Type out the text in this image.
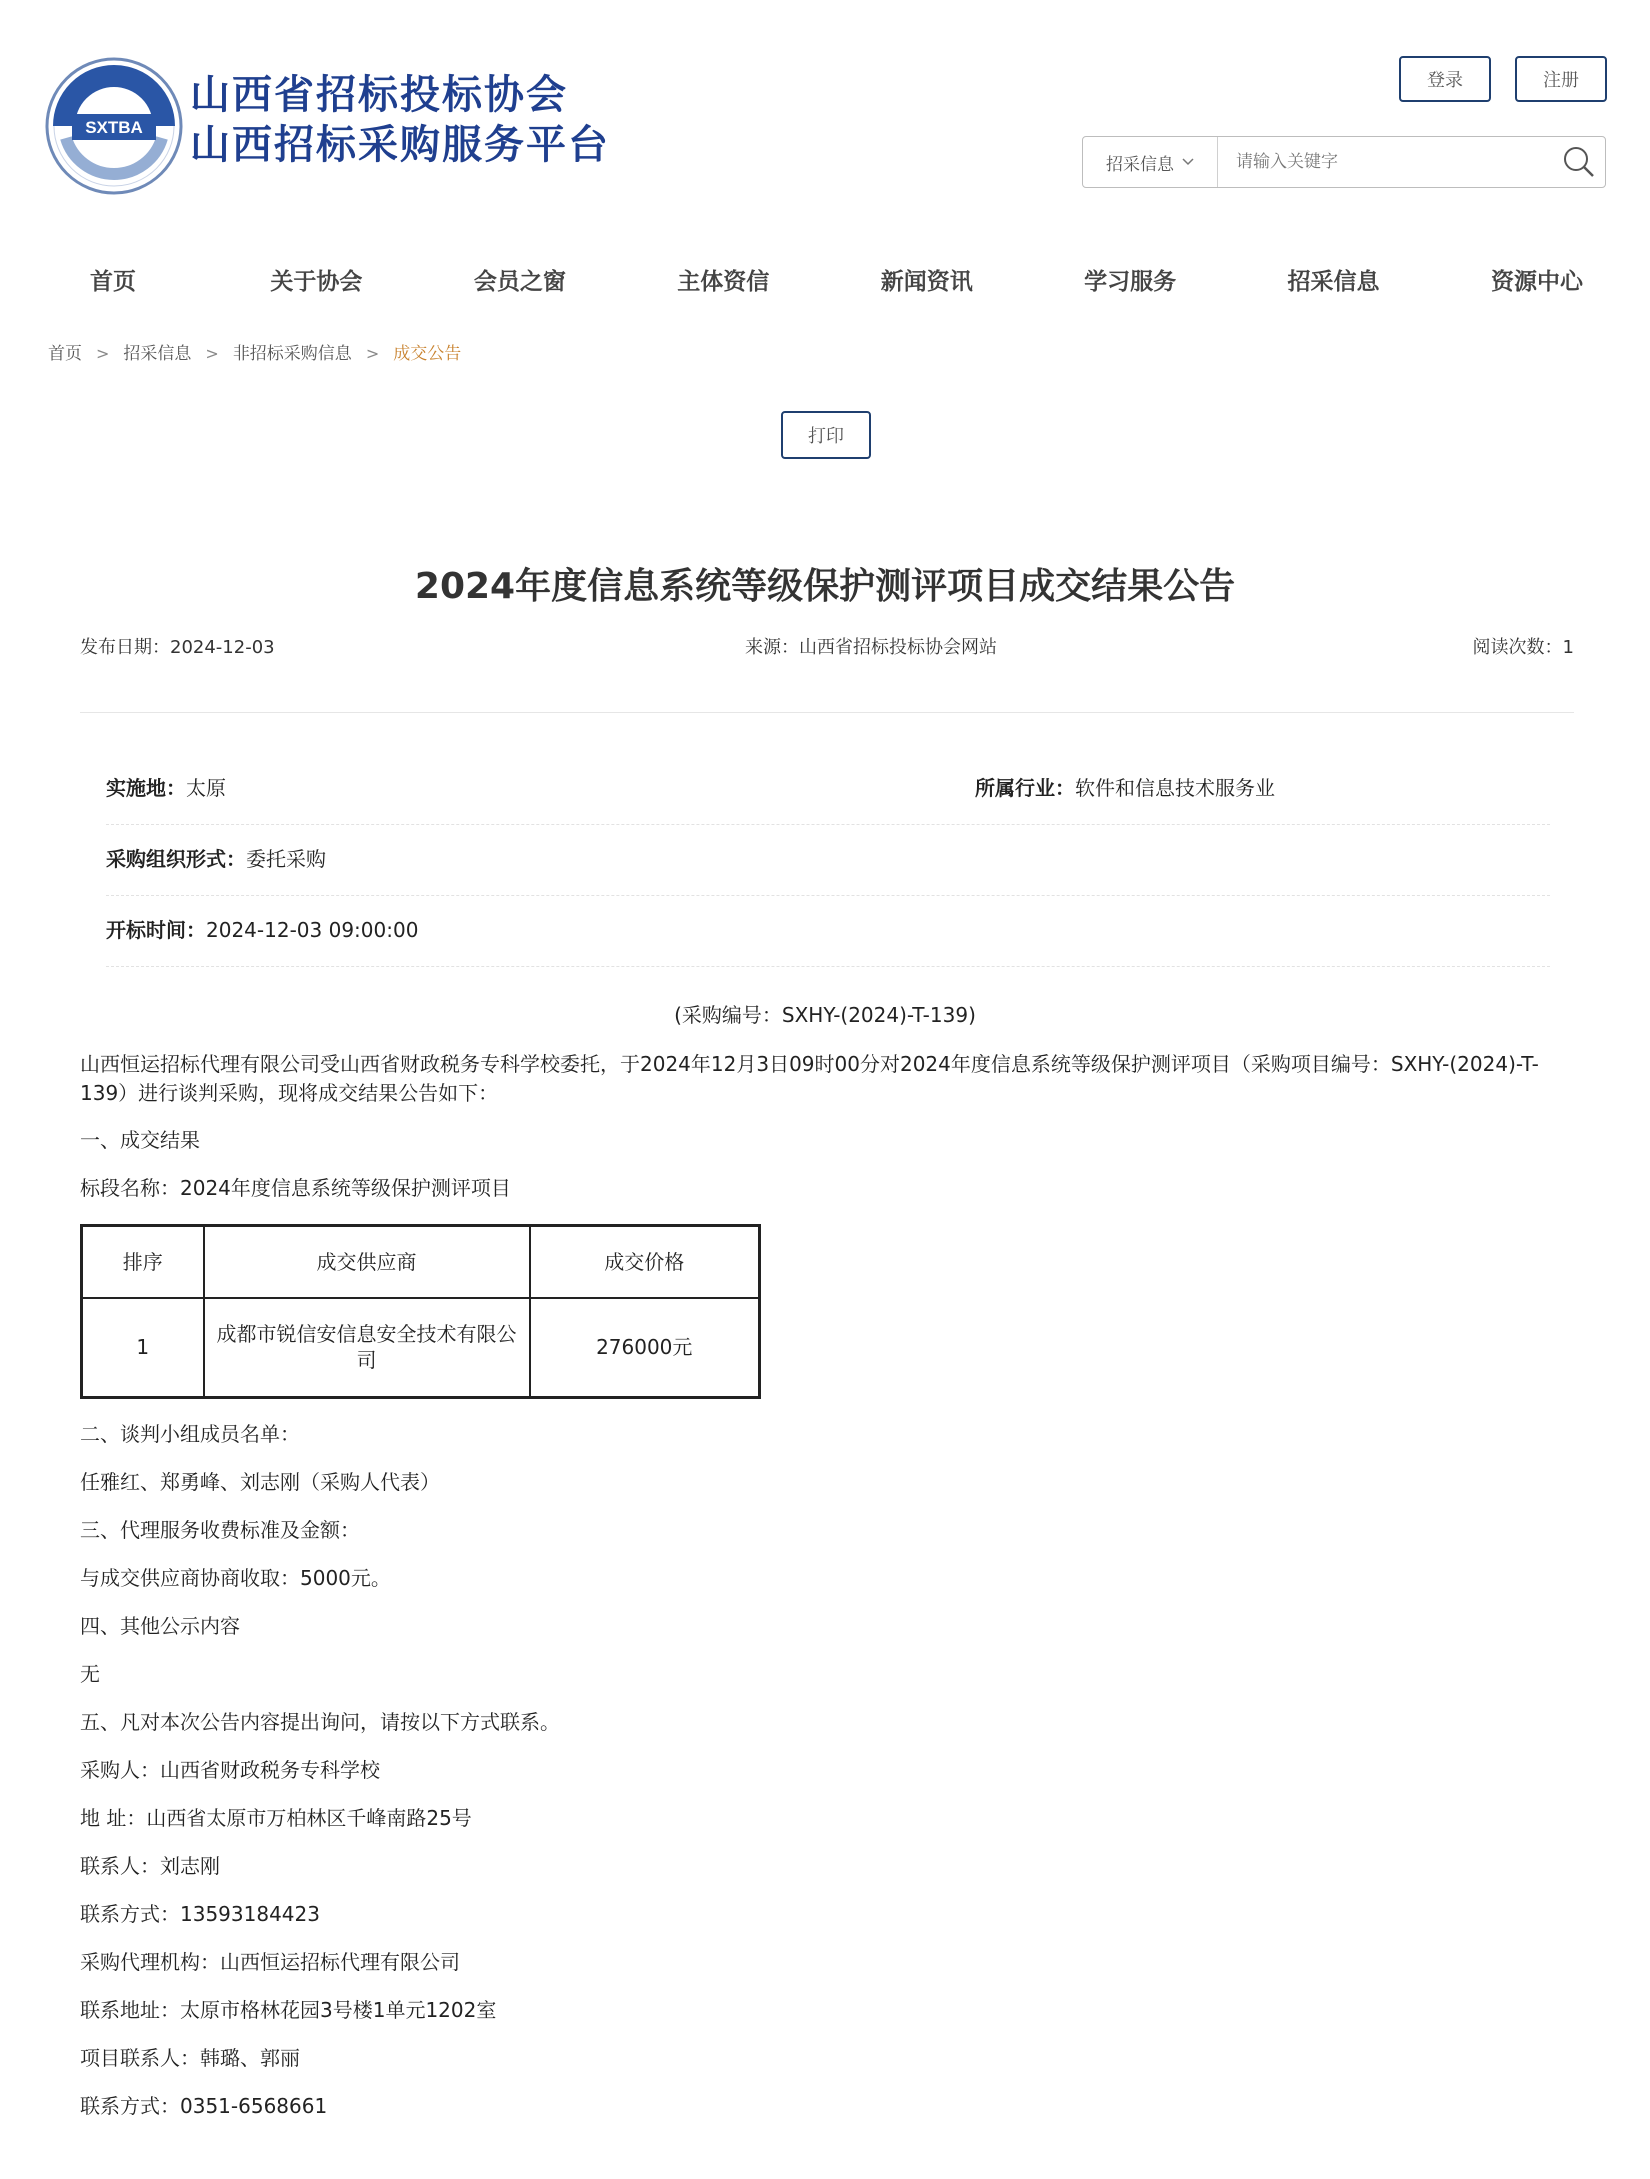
SXTBA
山西省招标投标协会
山西招标采购服务平台
登录	注册
招采信息
请输入关键字
首页	关于协会	会员之窗	主体资信	新闻资讯	学习服务	招采信息	资源中心
首页 > 招采信息 > 非招标采购信息 > 成交公告
打印
2024年度信息系统等级保护测评项目成交结果公告
发布日期：2024-12-03	来源：山西省招标投标协会网站	阅读次数：1
实施地：太原	所属行业：软件和信息技术服务业
采购组织形式：委托采购
开标时间：2024-12-03 09:00:00
(采购编号：SXHY-(2024)-T-139)
山西恒运招标代理有限公司受山西省财政税务专科学校委托，于2024年12月3日09时00分对2024年度信息系统等级保护测评项目（采购项目编号：SXHY-(2024)-T-139）进行谈判采购，现将成交结果公告如下：
一、成交结果
标段名称：2024年度信息系统等级保护测评项目
排序	成交供应商	成交价格
1	成都市锐信安信息安全技术有限公司	276000元
二、谈判小组成员名单：
任雅红、郑勇峰、刘志刚（采购人代表）
三、代理服务收费标准及金额：
与成交供应商协商收取：5000元。
四、其他公示内容
无
五、凡对本次公告内容提出询问，请按以下方式联系。
采购人：山西省财政税务专科学校
地 址：山西省太原市万柏林区千峰南路25号
联系人：刘志刚
联系方式：13593184423
采购代理机构：山西恒运招标代理有限公司
联系地址：太原市格林花园3号楼1单元1202室
项目联系人：韩璐、郭丽
联系方式：0351-6568661
